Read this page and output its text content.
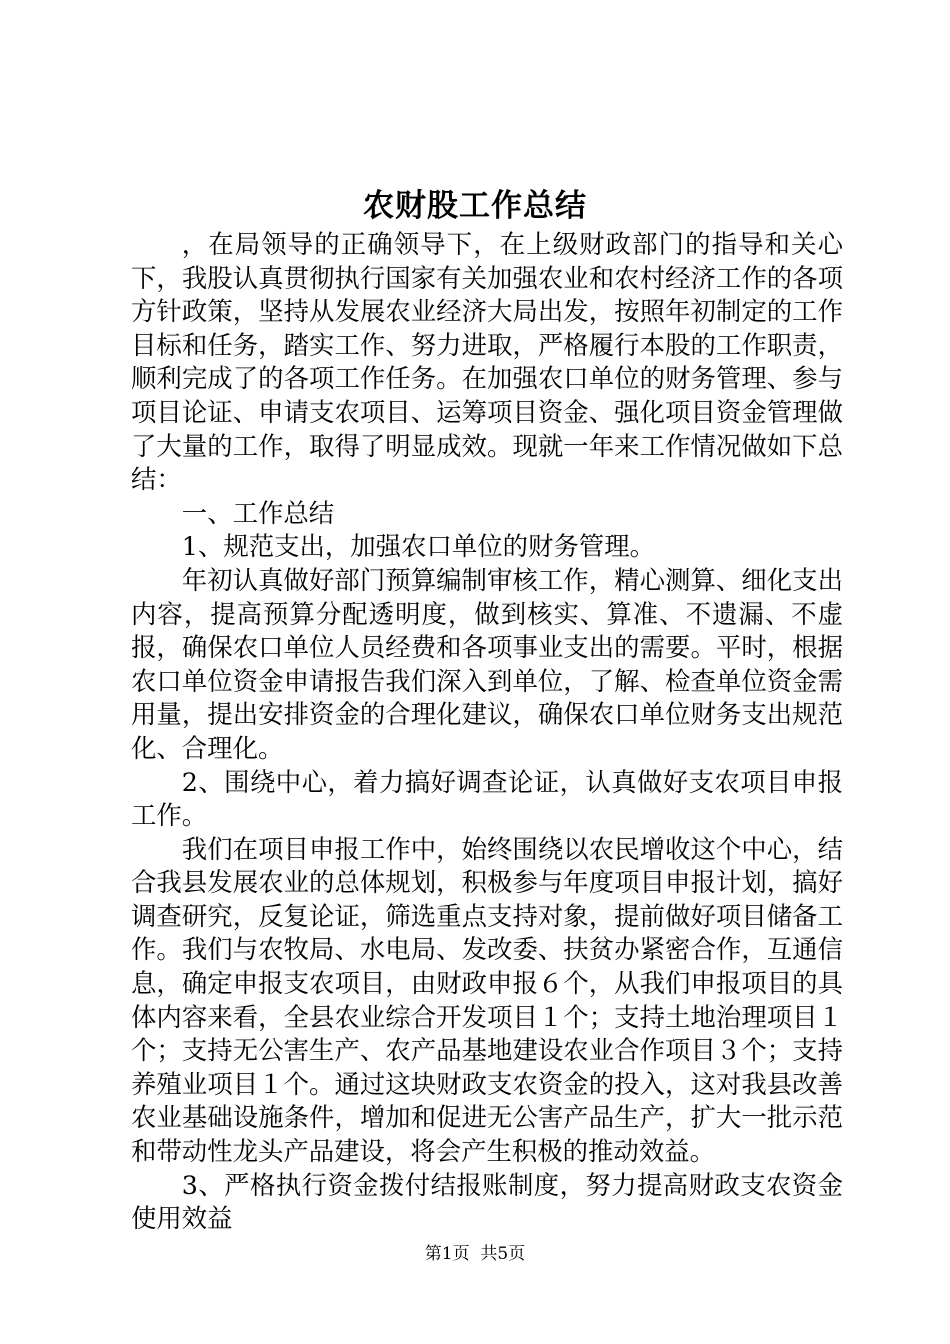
农财股工作总结

，在局领导的正确领导下，在上级财政部门的指导和关心下，我股认真贯彻执行国家有关加强农业和农村经济工作的各项方针政策，坚持从发展农业经济大局出发，按照年初制定的工作目标和任务，踏实工作、努力进取，严格履行本股的工作职责，顺利完成了的各项工作任务。在加强农口单位的财务管理、参与项目论证、申请支农项目、运筹项目资金、强化项目资金管理做了大量的工作，取得了明显成效。现就一年来工作情况做如下总结：

一、工作总结

1、规范支出，加强农口单位的财务管理。

年初认真做好部门预算编制审核工作，精心测算、细化支出内容，提高预算分配透明度，做到核实、算准、不遗漏、不虚报，确保农口单位人员经费和各项事业支出的需要。平时，根据农口单位资金申请报告我们深入到单位，了解、检查单位资金需用量，提出安排资金的合理化建议，确保农口单位财务支出规范化、合理化。

2、围绕中心，着力搞好调查论证，认真做好支农项目申报工作。

我们在项目申报工作中，始终围绕以农民增收这个中心，结合我县发展农业的总体规划，积极参与年度项目申报计划，搞好调查研究，反复论证，筛选重点支持对象，提前做好项目储备工作。我们与农牧局、水电局、发改委、扶贫办紧密合作，互通信息，确定申报支农项目，由财政申报６个，从我们申报项目的具体内容来看，全县农业综合开发项目１个；支持土地治理项目１个；支持无公害生产、农产品基地建设农业合作项目３个；支持养殖业项目１个。通过这块财政支农资金的投入，这对我县改善农业基础设施条件，增加和促进无公害产品生产，扩大一批示范和带动性龙头产品建设，将会产生积极的推动效益。

3、严格执行资金拨付结报账制度，努力提高财政支农资金使用效益

第1页  共5页
